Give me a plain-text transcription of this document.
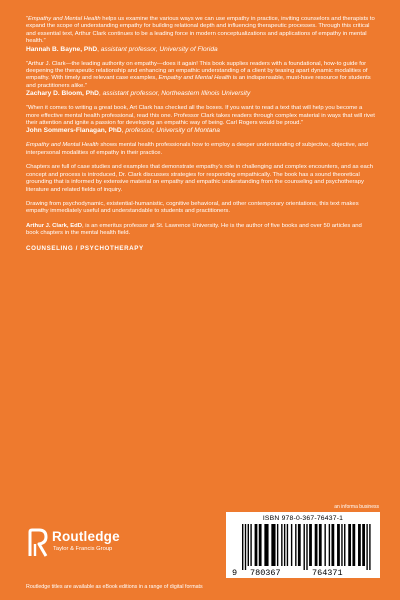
“Empathy and Mental Health helps us examine the various ways we can use empathy in practice, inviting counselors and therapists to expand the scope of understanding empathy for building relational depth and influencing therapeutic processes. Through this critical and essential text, Arthur Clark continues to be a leading force in modern conceptualizations and applications of empathy in mental health.”

Hannah B. Bayne, PhD, assistant professor, University of Florida

“Arthur J. Clark—the leading authority on empathy—does it again! This book supplies readers with a foundational, how-to guide for deepening the therapeutic relationship and enhancing an empathic understanding of a client by teasing apart dynamic modalities of empathy. With timely and relevant case examples, Empathy and Mental Health is an indispensable, must-have resource for students and practitioners alike.”

Zachary D. Bloom, PhD, assistant professor, Northeastern Illinois University

“When it comes to writing a great book, Art Clark has checked all the boxes. If you want to read a text that will help you become a more effective mental health professional, read this one. Professor Clark takes readers through complex material in ways that will rivet their attention and ignite a passion for developing an empathic way of being. Carl Rogers would be proud.”

John Sommers-Flanagan, PhD, professor, University of Montana

Empathy and Mental Health shows mental health professionals how to employ a deeper understanding of subjective, objective, and interpersonal modalities of empathy in their practice.

Chapters are full of case studies and examples that demonstrate empathy’s role in challenging and complex encounters, and as each concept and process is introduced, Dr. Clark discusses strategies for responding empathically. The book has a sound theoretical grounding that is informed by extensive material on empathy and empathic understanding from the counseling and psychotherapy literature and related fields of inquiry.

Drawing from psychodynamic, existential-humanistic, cognitive behavioral, and other contemporary orientations, this text makes empathy immediately useful and understandable to students and practitioners.

Arthur J. Clark, EdD, is an emeritus professor at St. Lawrence University. He is the author of five books and over 50 articles and book chapters in the mental health field.

COUNSELING / PSYCHOTHERAPY
Routledge
Taylor & Francis Group
an informa business
ISBN 978-0-367-76437-1
9 780367	764371
Routledge titles are available as eBook editions in a range of digital formats
